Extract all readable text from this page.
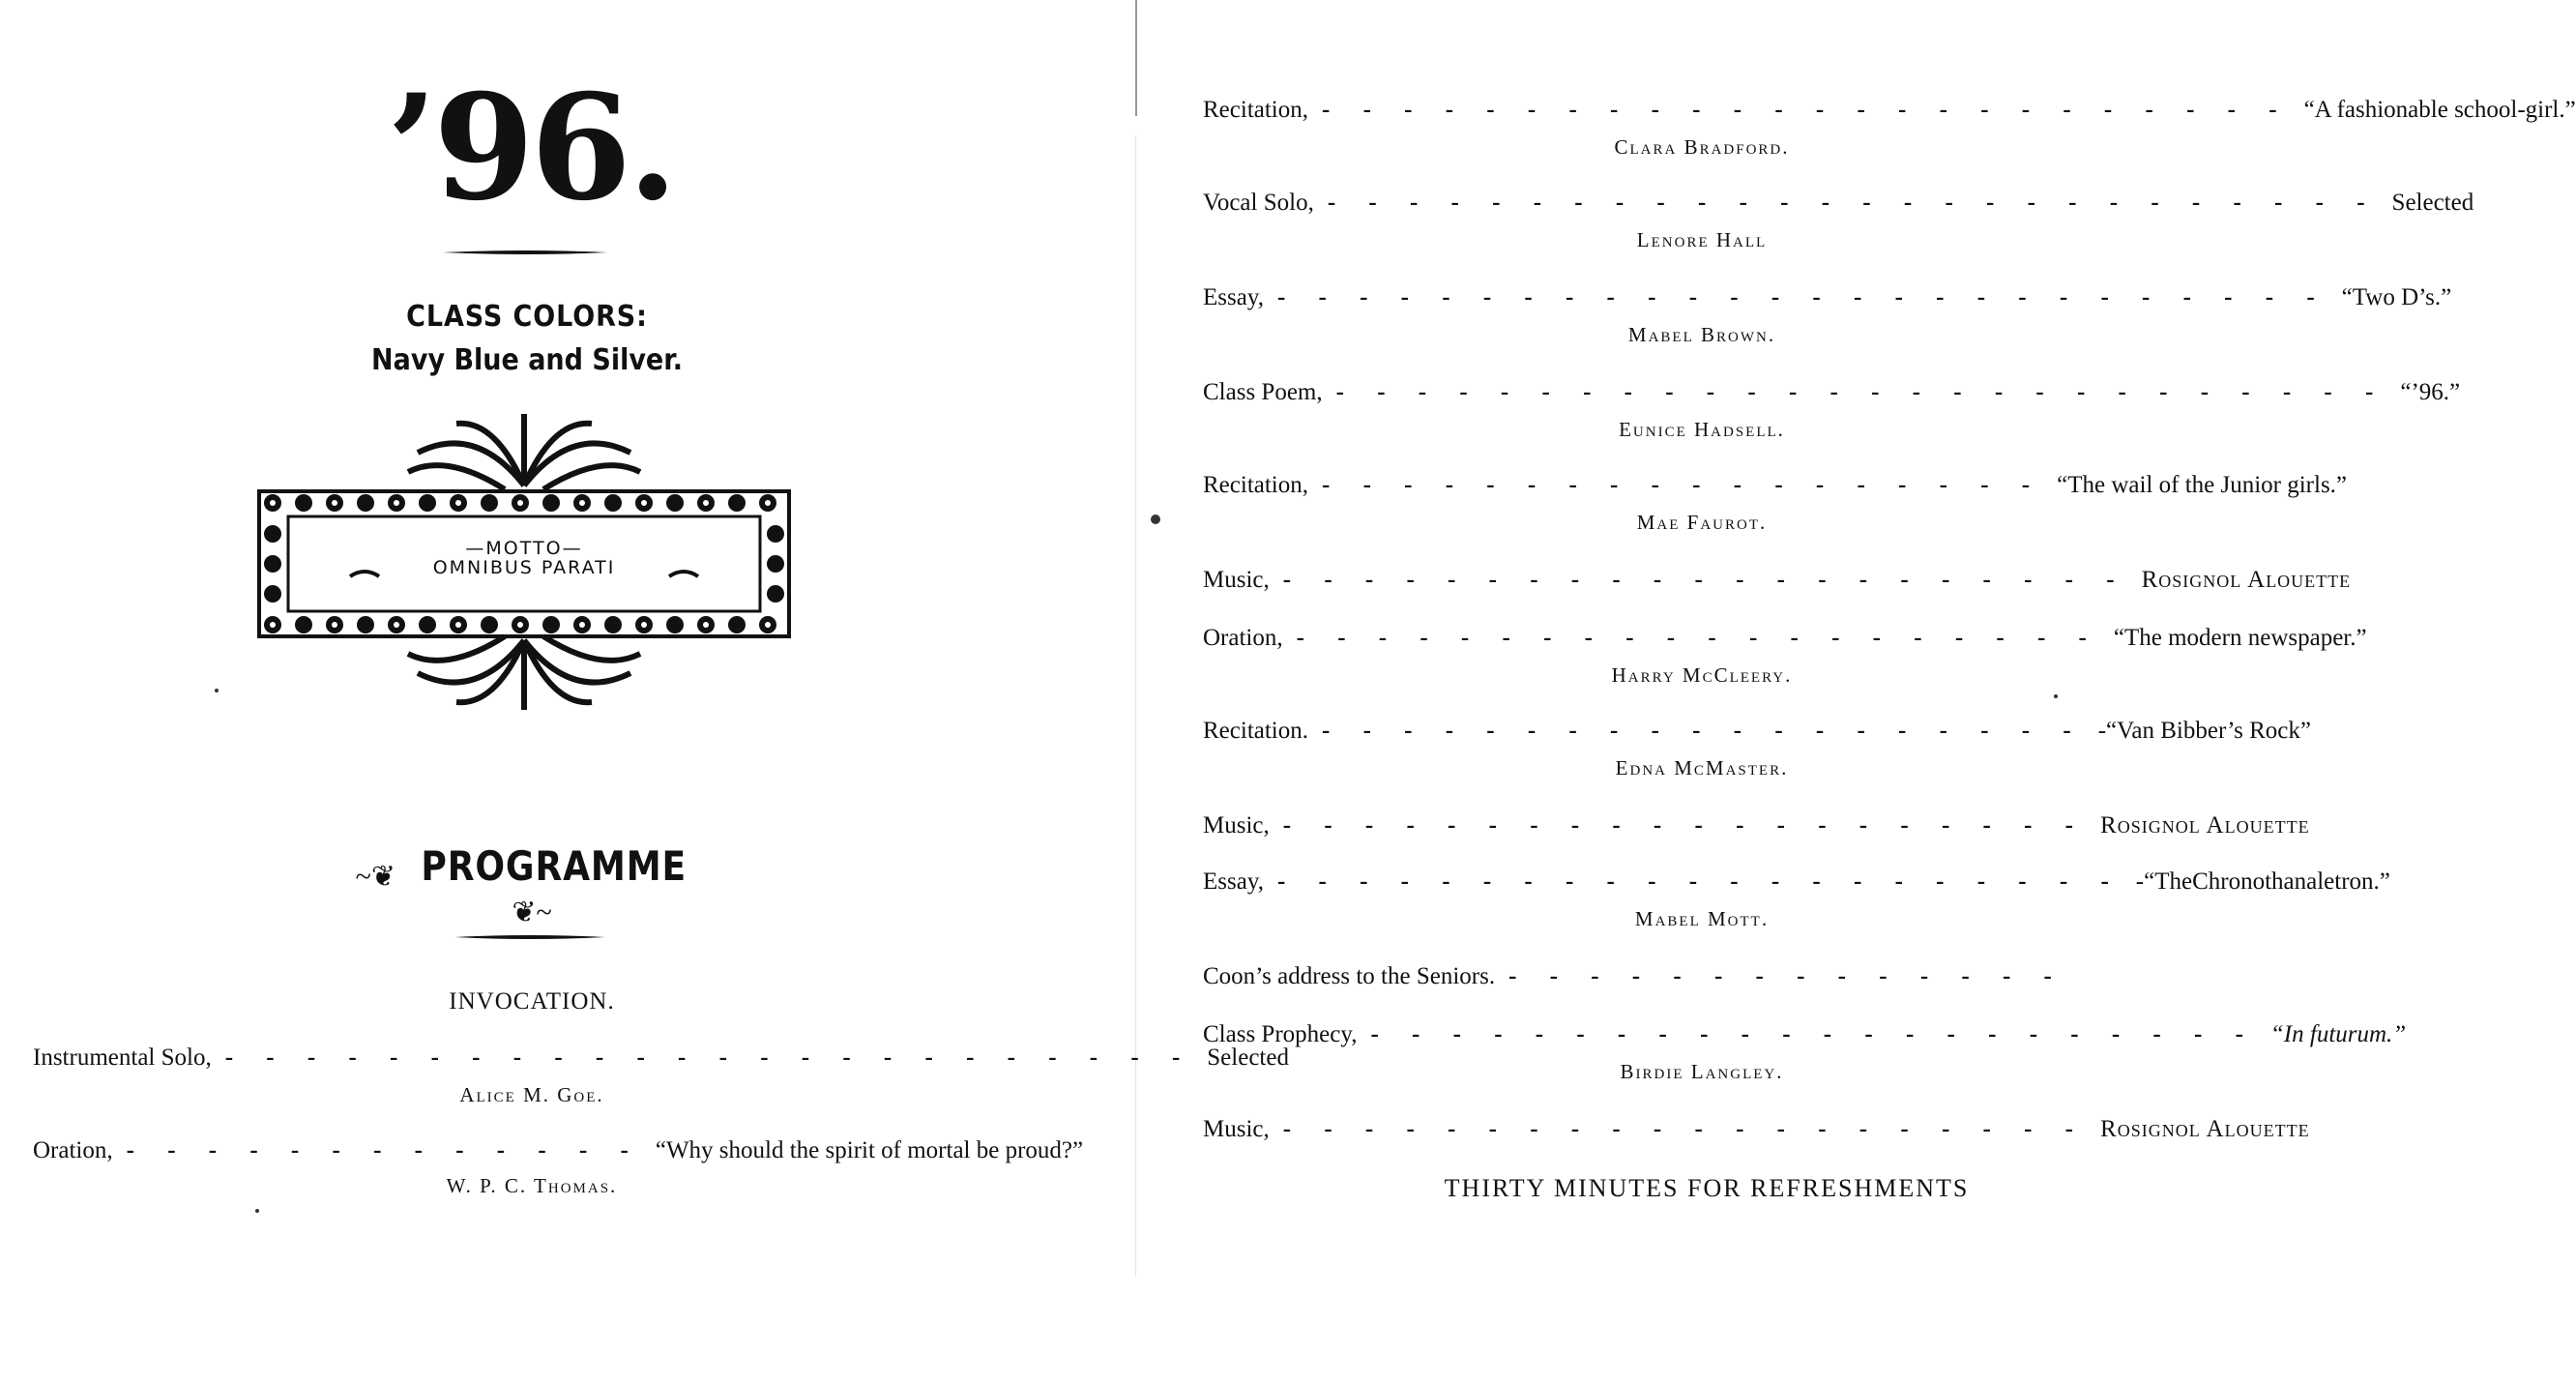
’96.
CLASS COLORS:
Navy Blue and Silver.
—MOTTO—
OMNIBUS PARATI
~❦ PROGRAMME ❦~
INVOCATION.
Instrumental Solo, - - - - - - - - - - - - - - - - - - - - - - - - Selected
Alice M. Goe.
Oration, - - - - - - - - - - - - - “Why should the spirit of mortal be proud?”
W. P. C. Thomas.
Recitation, - - - - - - - - - - - - - - - - - - - - - - - - “A fashionable school-girl.”
Clara Bradford.
Vocal Solo, - - - - - - - - - - - - - - - - - - - - - - - - - - Selected
Lenore Hall
Essay, - - - - - - - - - - - - - - - - - - - - - - - - - - “Two D’s.”
Mabel Brown.
Class Poem, - - - - - - - - - - - - - - - - - - - - - - - - - - “’96.”
Eunice Hadsell.
Recitation, - - - - - - - - - - - - - - - - - - “The wail of the Junior girls.”
Mae Faurot.
Music, - - - - - - - - - - - - - - - - - - - - - Rosignol Alouette
Oration, - - - - - - - - - - - - - - - - - - - - “The modern newspaper.”
Harry McCleery.
Recitation. - - - - - - - - - - - - - - - - - - - -“Van Bibber’s Rock”
Edna McMaster.
Music, - - - - - - - - - - - - - - - - - - - - Rosignol Alouette
Essay, - - - - - - - - - - - - - - - - - - - - - -“TheChronothanaletron.”
Mabel Mott.
Coon’s address to the Seniors. - - - - - - - - - - - - - -
Class Prophecy, - - - - - - - - - - - - - - - - - - - - - - “In futurum.”
Birdie Langley.
Music, - - - - - - - - - - - - - - - - - - - - Rosignol Alouette
THIRTY MINUTES FOR REFRESHMENTS
